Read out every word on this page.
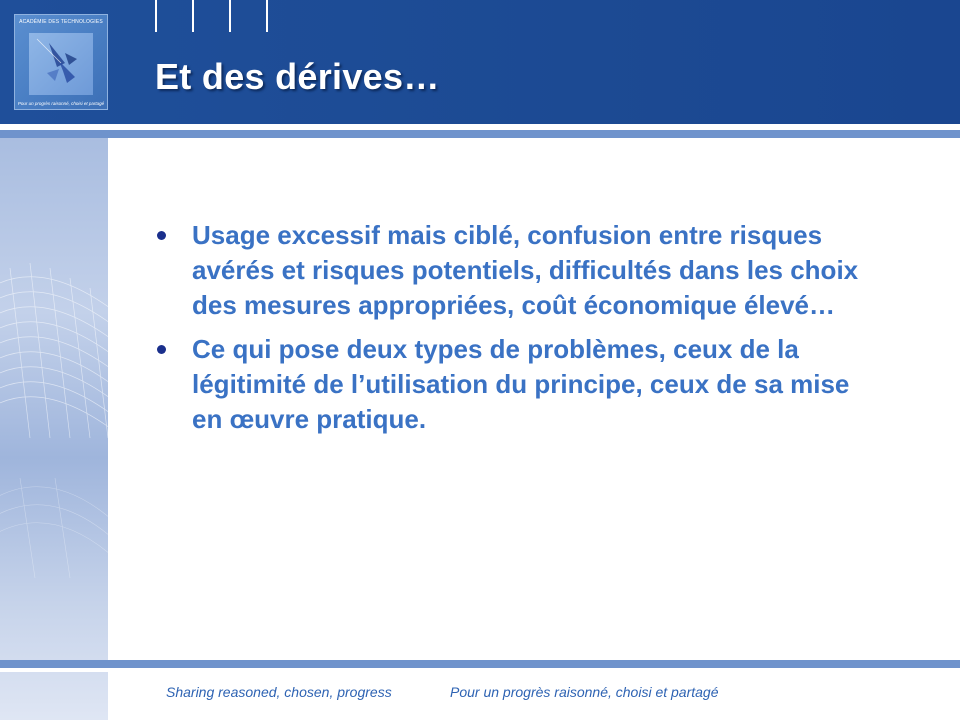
ACADÉMIE DES TECHNOLOGIES
Pour un progrès raisonné, choisi et partagé
Et des dérives…
Usage excessif mais ciblé, confusion entre risques avérés et risques potentiels, difficultés dans les choix des mesures appropriées, coût économique élevé…
Ce qui pose deux types de problèmes, ceux de la légitimité de l’utilisation du principe, ceux de sa mise en œuvre pratique.
Sharing reasoned, chosen, progress	Pour un progrès raisonné, choisi et partagé
